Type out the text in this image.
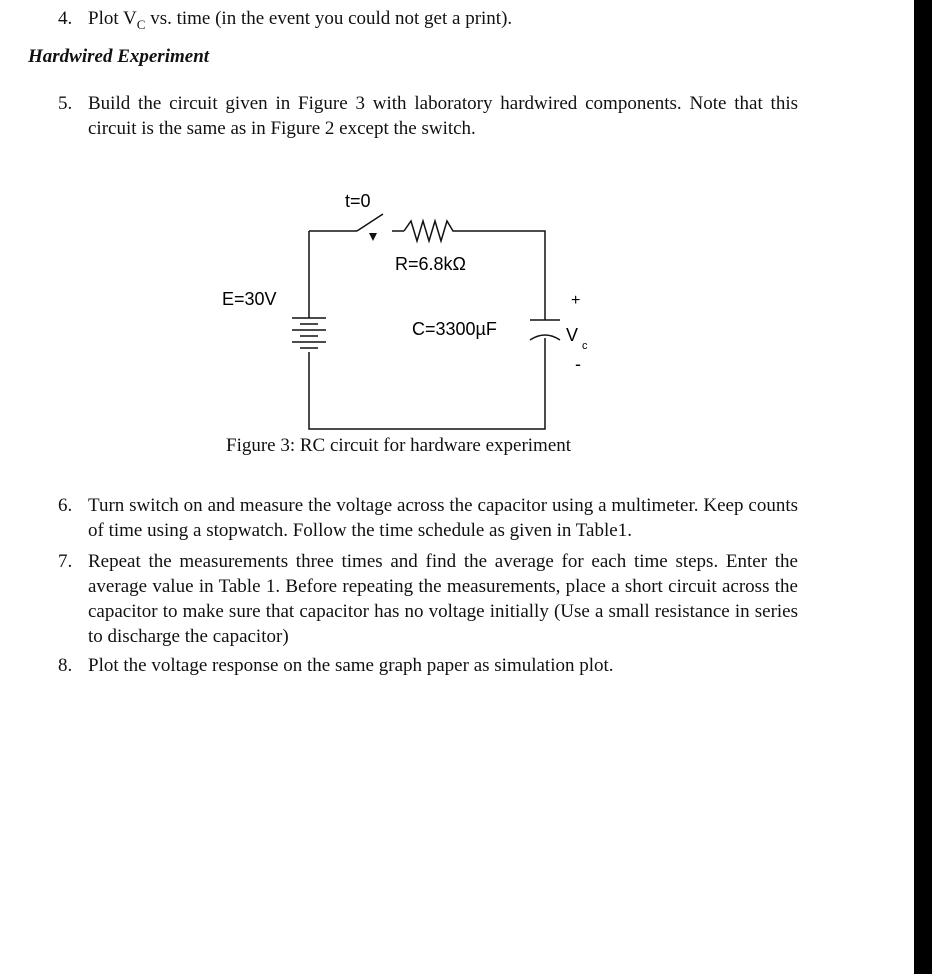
4. Plot $V_C$ vs. time (in the event you could not get a print).
Hardwired Experiment
5. Build the circuit given in Figure 3 with laboratory hardwired components. Note that this circuit is the same as in Figure 2 except the switch.
t=0
R=6.8kΩ
E=30V
C=3300µF
+
-
V
c
Figure 3: RC circuit for hardware experiment
6. Turn switch on and measure the voltage across the capacitor using a multimeter. Keep counts of time using a stopwatch. Follow the time schedule as given in Table1.
7. Repeat the measurements three times and find the average for each time steps. Enter the average value in Table 1. Before repeating the measurements, place a short circuit across the capacitor to make sure that capacitor has no voltage initially (Use a small resistance in series to discharge the capacitor)
8. Plot the voltage response on the same graph paper as simulation plot.
